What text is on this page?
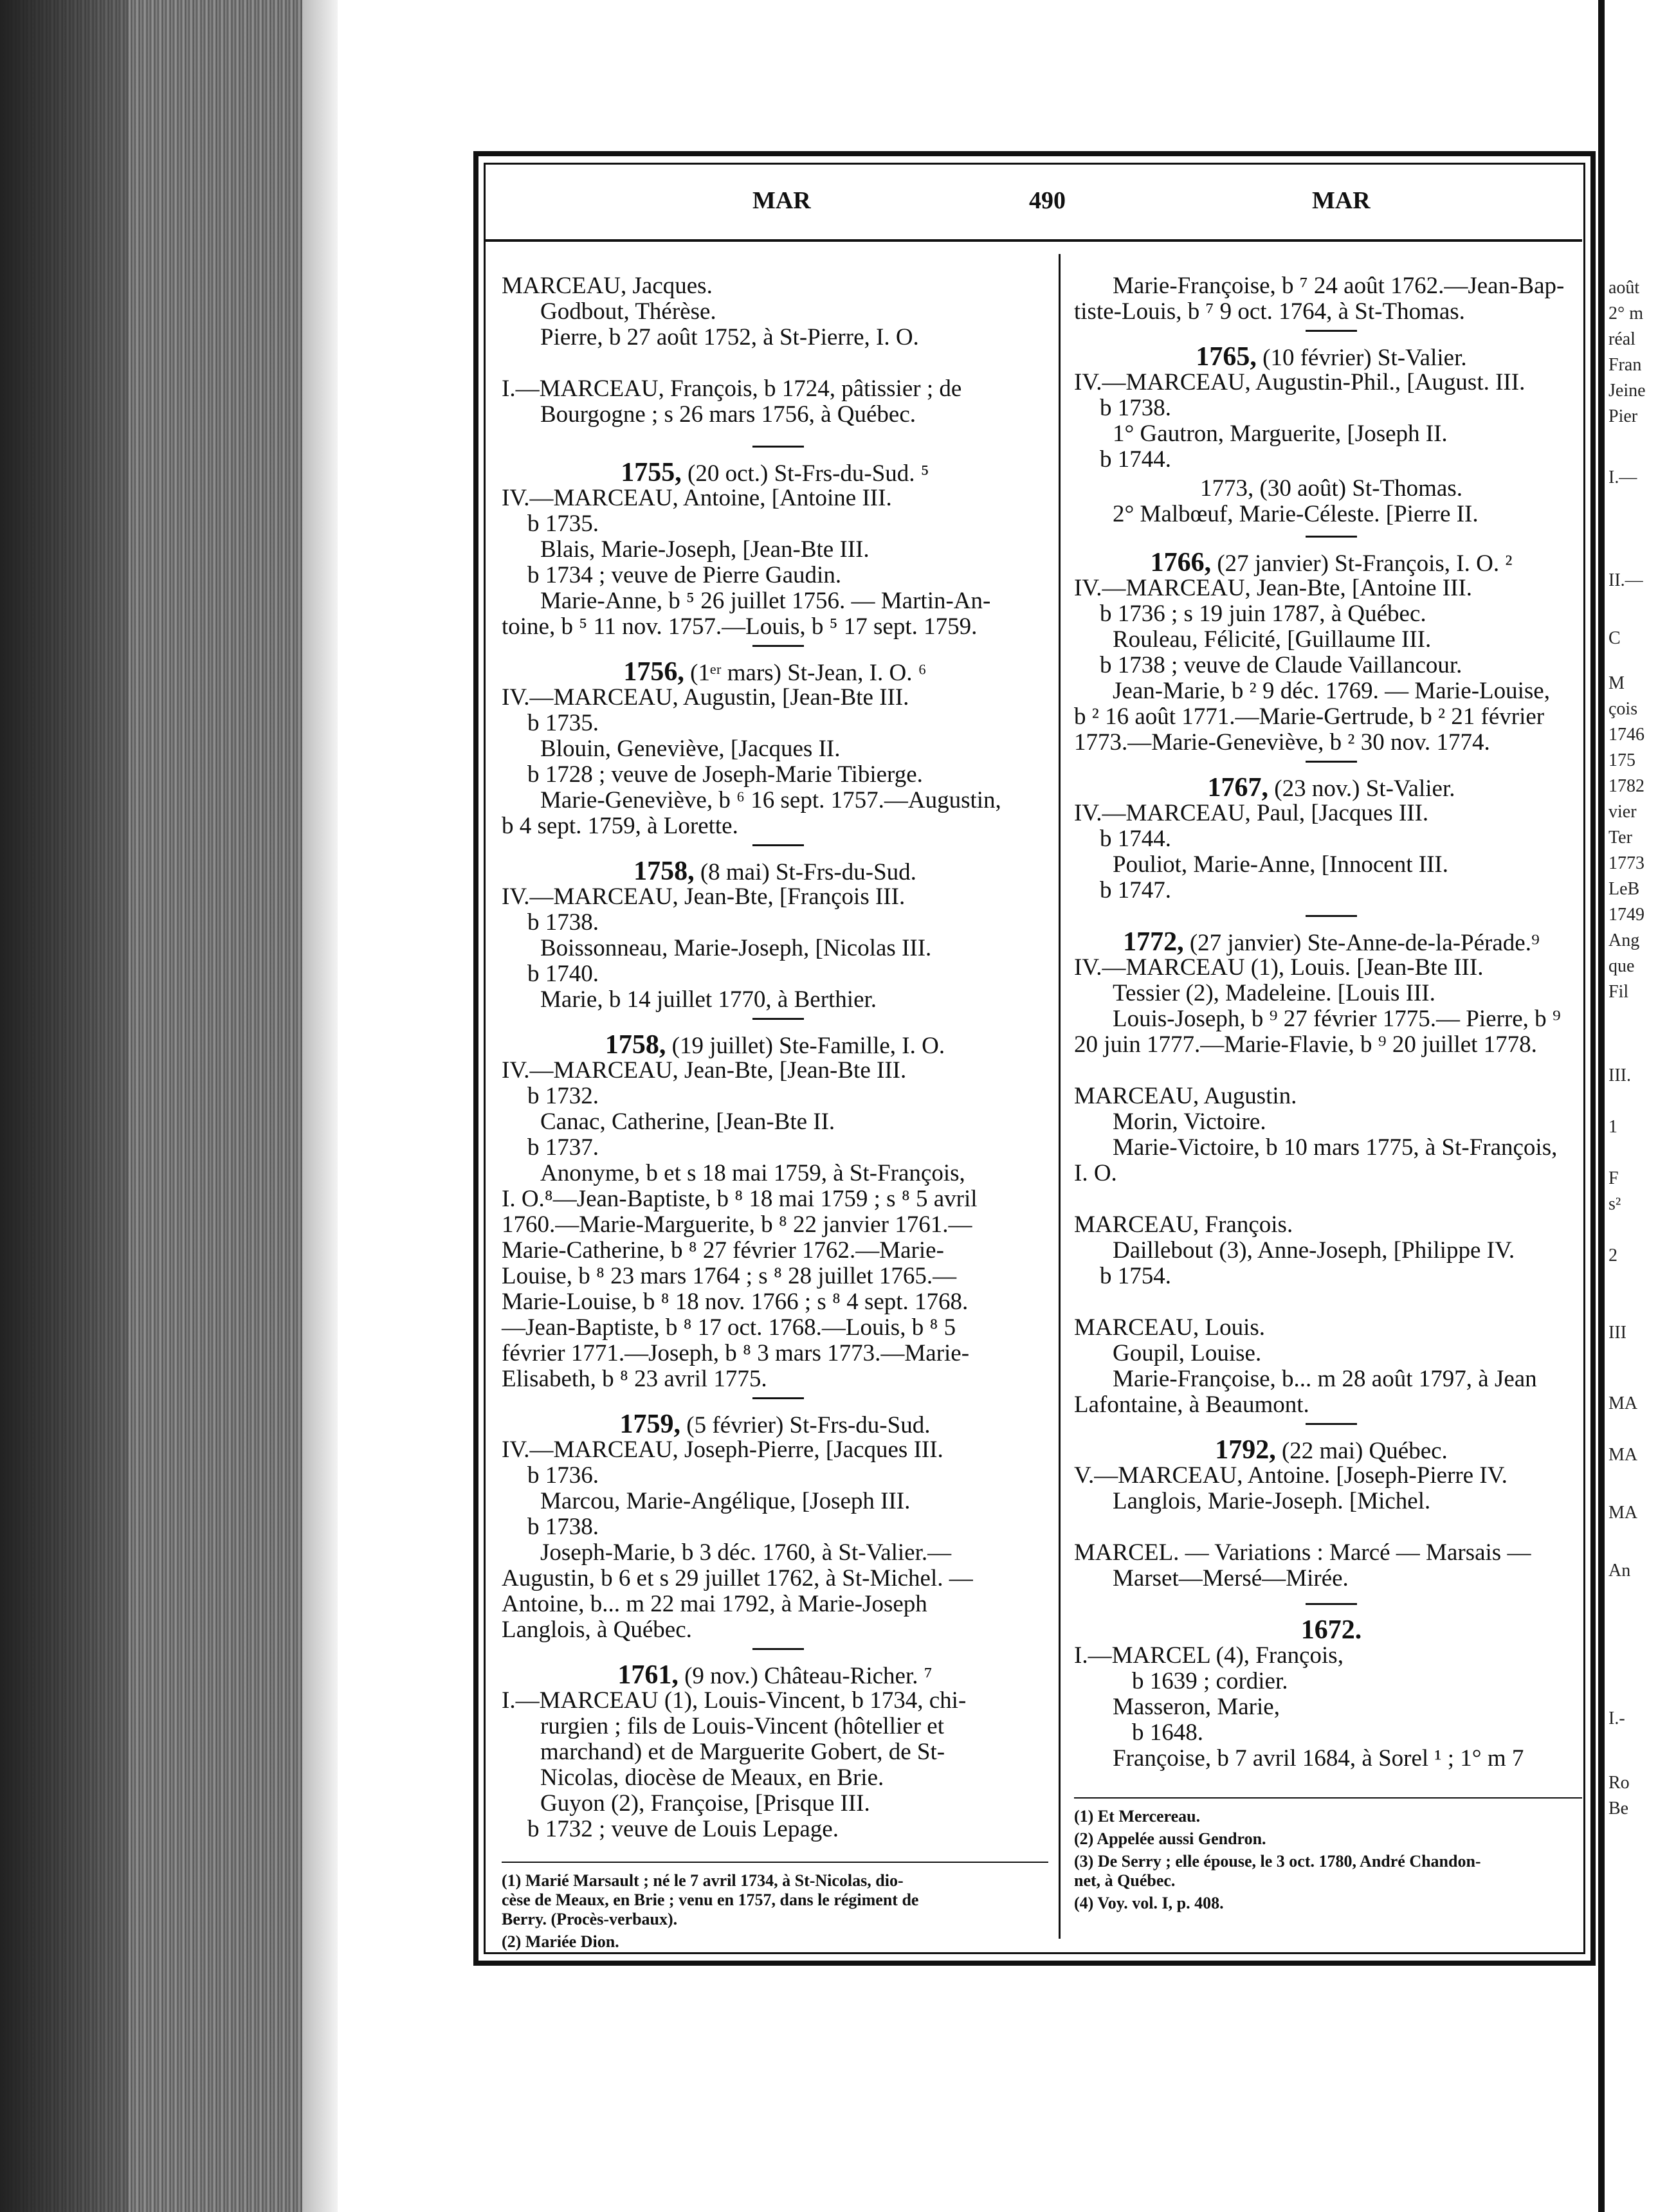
MAR	490	MAR
MARCEAU, Jacques.
Godbout, Thérèse.
Pierre, b 27 août 1752, à St-Pierre, I. O.
I.—MARCEAU, François, b 1724, pâtissier ; de
Bourgogne ; s 26 mars 1756, à Québec.
1755, (20 oct.) St-Frs-du-Sud. ⁵
IV.—MARCEAU, Antoine, [Antoine III.
b 1735.
Blais, Marie-Joseph, [Jean-Bte III.
b 1734 ; veuve de Pierre Gaudin.
Marie-Anne, b ⁵ 26 juillet 1756. — Martin-An-
toine, b ⁵ 11 nov. 1757.—Louis, b ⁵ 17 sept. 1759.
1756, (1ᵉʳ mars) St-Jean, I. O. ⁶
IV.—MARCEAU, Augustin, [Jean-Bte III.
b 1735.
Blouin, Geneviève, [Jacques II.
b 1728 ; veuve de Joseph-Marie Tibierge.
Marie-Geneviève, b ⁶ 16 sept. 1757.—Augustin,
b 4 sept. 1759, à Lorette.
1758, (8 mai) St-Frs-du-Sud.
IV.—MARCEAU, Jean-Bte, [François III.
b 1738.
Boissonneau, Marie-Joseph, [Nicolas III.
b 1740.
Marie, b 14 juillet 1770, à Berthier.
1758, (19 juillet) Ste-Famille, I. O.
IV.—MARCEAU, Jean-Bte, [Jean-Bte III.
b 1732.
Canac, Catherine, [Jean-Bte II.
b 1737.
Anonyme, b et s 18 mai 1759, à St-François,
I. O.⁸—Jean-Baptiste, b ⁸ 18 mai 1759 ; s ⁸ 5 avril
1760.—Marie-Marguerite, b ⁸ 22 janvier 1761.—
Marie-Catherine, b ⁸ 27 février 1762.—Marie-
Louise, b ⁸ 23 mars 1764 ; s ⁸ 28 juillet 1765.—
Marie-Louise, b ⁸ 18 nov. 1766 ; s ⁸ 4 sept. 1768.
—Jean-Baptiste, b ⁸ 17 oct. 1768.—Louis, b ⁸ 5
février 1771.—Joseph, b ⁸ 3 mars 1773.—Marie-
Elisabeth, b ⁸ 23 avril 1775.
1759, (5 février) St-Frs-du-Sud.
IV.—MARCEAU, Joseph-Pierre, [Jacques III.
b 1736.
Marcou, Marie-Angélique, [Joseph III.
b 1738.
Joseph-Marie, b 3 déc. 1760, à St-Valier.—
Augustin, b 6 et s 29 juillet 1762, à St-Michel. —
Antoine, b... m 22 mai 1792, à Marie-Joseph
Langlois, à Québec.
1761, (9 nov.) Château-Richer. ⁷
I.—MARCEAU (1), Louis-Vincent, b 1734, chi-
rurgien ; fils de Louis-Vincent (hôtellier et
marchand) et de Marguerite Gobert, de St-
Nicolas, diocèse de Meaux, en Brie.
Guyon (2), Françoise, [Prisque III.
b 1732 ; veuve de Louis Lepage.
(1) Marié Marsault ; né le 7 avril 1734, à St-Nicolas, dio-
cèse de Meaux, en Brie ; venu en 1757, dans le régiment de
Berry. (Procès-verbaux).
(2) Mariée Dion.
Marie-Françoise, b ⁷ 24 août 1762.—Jean-Bap-
tiste-Louis, b ⁷ 9 oct. 1764, à St-Thomas.
1765, (10 février) St-Valier.
IV.—MARCEAU, Augustin-Phil., [August. III.
b 1738.
1° Gautron, Marguerite, [Joseph II.
b 1744.
1773, (30 août) St-Thomas.
2° Malbœuf, Marie-Céleste. [Pierre II.
1766, (27 janvier) St-François, I. O. ²
IV.—MARCEAU, Jean-Bte, [Antoine III.
b 1736 ; s 19 juin 1787, à Québec.
Rouleau, Félicité, [Guillaume III.
b 1738 ; veuve de Claude Vaillancour.
Jean-Marie, b ² 9 déc. 1769. — Marie-Louise,
b ² 16 août 1771.—Marie-Gertrude, b ² 21 février
1773.—Marie-Geneviève, b ² 30 nov. 1774.
1767, (23 nov.) St-Valier.
IV.—MARCEAU, Paul, [Jacques III.
b 1744.
Pouliot, Marie-Anne, [Innocent III.
b 1747.
1772, (27 janvier) Ste-Anne-de-la-Pérade.⁹
IV.—MARCEAU (1), Louis. [Jean-Bte III.
Tessier (2), Madeleine. [Louis III.
Louis-Joseph, b ⁹ 27 février 1775.— Pierre, b ⁹
20 juin 1777.—Marie-Flavie, b ⁹ 20 juillet 1778.
MARCEAU, Augustin.
Morin, Victoire.
Marie-Victoire, b 10 mars 1775, à St-François,
I. O.
MARCEAU, François.
Daillebout (3), Anne-Joseph, [Philippe IV.
b 1754.
MARCEAU, Louis.
Goupil, Louise.
Marie-Françoise, b... m 28 août 1797, à Jean
Lafontaine, à Beaumont.
1792, (22 mai) Québec.
V.—MARCEAU, Antoine. [Joseph-Pierre IV.
Langlois, Marie-Joseph. [Michel.
MARCEL. — Variations : Marcé — Marsais —
Marset—Mersé—Mirée.
1672.
I.—MARCEL (4), François,
b 1639 ; cordier.
Masseron, Marie,
b 1648.
Françoise, b 7 avril 1684, à Sorel ¹ ; 1° m 7
(1) Et Mercereau.
(2) Appelée aussi Gendron.
(3) De Serry ; elle épouse, le 3 oct. 1780, André Chandon-
net, à Québec.
(4) Voy. vol. I, p. 408.
août
2° m
réal
Fran
Jeine
Pier
I.—
II.—
C
M
çois
1746
175
1782
vier
Ter
1773
LeB
1749
Ang
que
Fil
III.
1
F
s²
2
III
MA
MA
MA
An
I.-
Ro
Be
